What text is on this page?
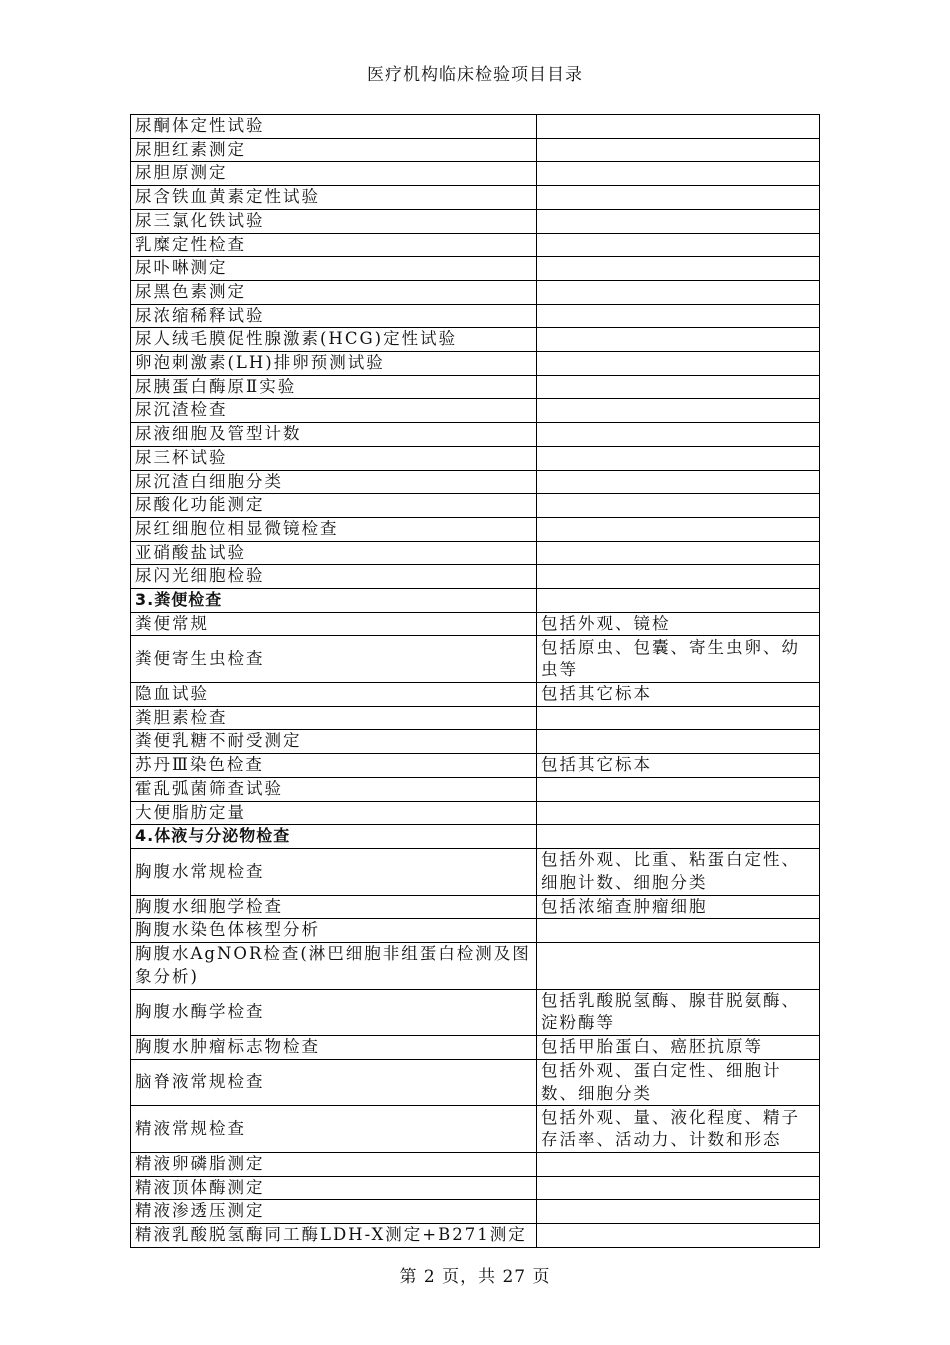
医疗机构临床检验项目目录
尿酮体定性试验	
尿胆红素测定	
尿胆原测定	
尿含铁血黄素定性试验	
尿三氯化铁试验	
乳糜定性检查	
尿卟啉测定	
尿黑色素测定	
尿浓缩稀释试验	
尿人绒毛膜促性腺激素(HCG)定性试验	
卵泡刺激素(LH)排卵预测试验	
尿胰蛋白酶原Ⅱ实验	
尿沉渣检查	
尿液细胞及管型计数	
尿三杯试验	
尿沉渣白细胞分类	
尿酸化功能测定	
尿红细胞位相显微镜检查	
亚硝酸盐试验	
尿闪光细胞检验	
3.粪便检查	
粪便常规	包括外观、镜检
粪便寄生虫检查	包括原虫、包囊、寄生虫卵、幼虫等
隐血试验	包括其它标本
粪胆素检查	
粪便乳糖不耐受测定	
苏丹Ⅲ染色检查	包括其它标本
霍乱弧菌筛查试验	
大便脂肪定量	
4.体液与分泌物检查	
胸腹水常规检查	包括外观、比重、粘蛋白定性、细胞计数、细胞分类
胸腹水细胞学检查	包括浓缩查肿瘤细胞
胸腹水染色体核型分析	
胸腹水AgNOR检查(淋巴细胞非组蛋白检测及图象分析)	
胸腹水酶学检查	包括乳酸脱氢酶、腺苷脱氨酶、淀粉酶等
胸腹水肿瘤标志物检查	包括甲胎蛋白、癌胚抗原等
脑脊液常规检查	包括外观、蛋白定性、细胞计数、细胞分类
精液常规检查	包括外观、量、液化程度、精子存活率、活动力、计数和形态
精液卵磷脂测定	
精液顶体酶测定	
精液渗透压测定	
精液乳酸脱氢酶同工酶LDH-X测定+B271测定	
第 2 页，共 27 页
